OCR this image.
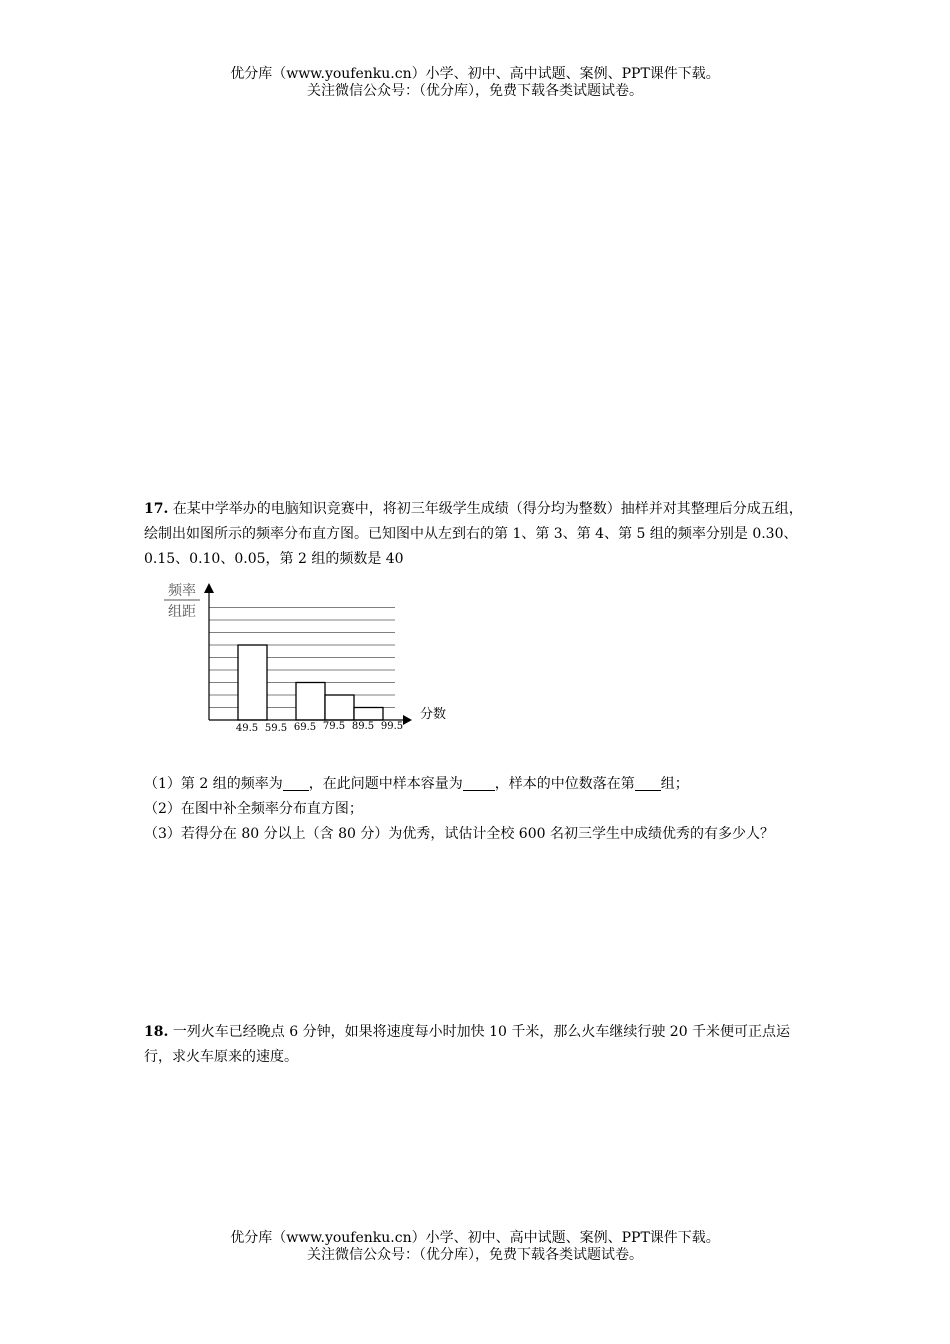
优分库（www.youfenku.cn）小学、初中、高中试题、案例、PPT课件下载。
关注微信公众号：（优分库），免费下载各类试题试卷。
17. 在某中学举办的电脑知识竞赛中，将初三年级学生成绩（得分均为整数）抽样并对其整理后分成五组，绘制出如图所示的频率分布直方图。已知图中从左到右的第 1、第 3、第 4、第 5 组的频率分别是 0.30、0.15、0.10、0.05，第 2 组的频数是 40
频率
组距
分数
49.5 59.5 69.5 79.5 89.5 99.5
（1）第 2 组的频率为 ，在此问题中样本容量为 ，样本的中位数落在第 组；
（2）在图中补全频率分布直方图；
（3）若得分在 80 分以上（含 80 分）为优秀，试估计全校 600 名初三学生中成绩优秀的有多少人？
18. 一列火车已经晚点 6 分钟，如果将速度每小时加快 10 千米，那么火车继续行驶 20 千米便可正点运行，求火车原来的速度。
优分库（www.youfenku.cn）小学、初中、高中试题、案例、PPT课件下载。
关注微信公众号：（优分库），免费下载各类试题试卷。
